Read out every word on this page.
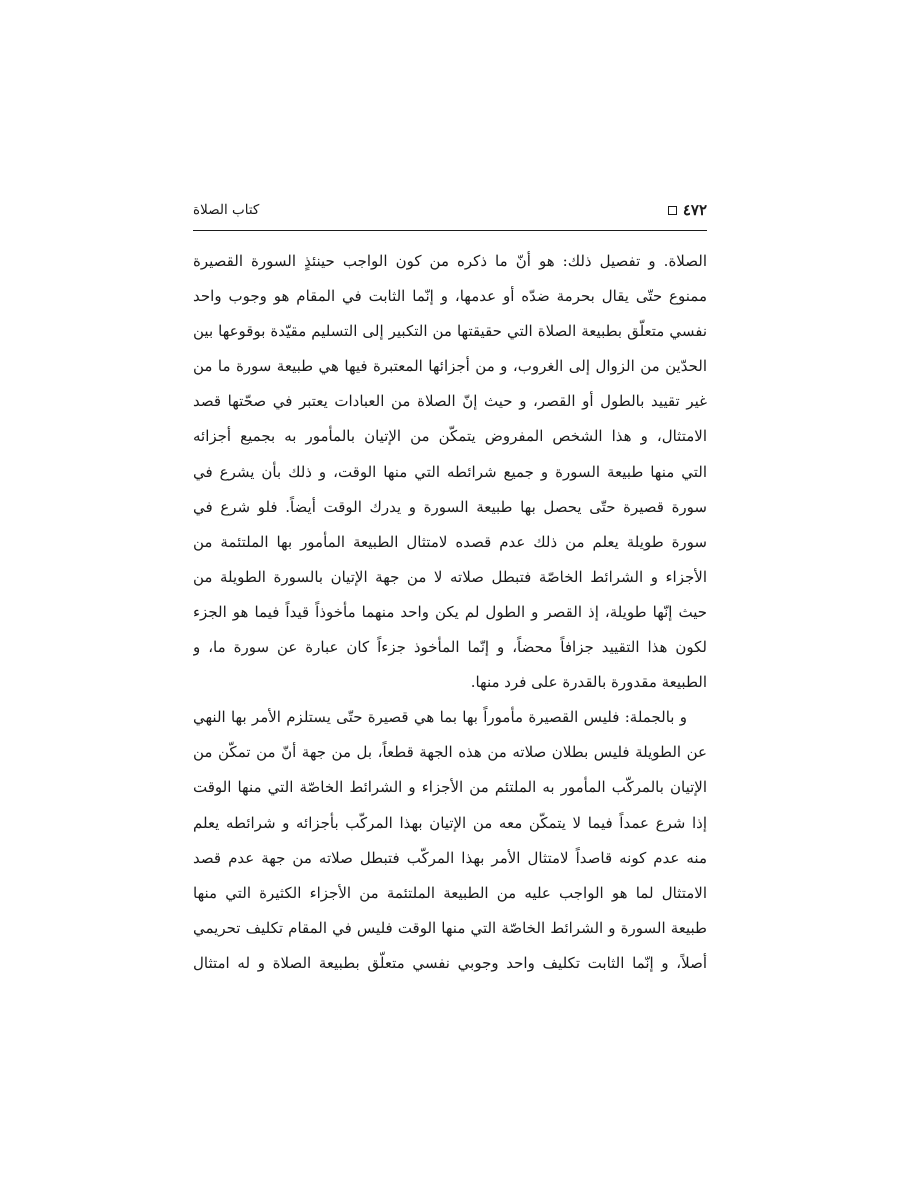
٤٧٢
كتاب الصلاة

الصلاة. و تفصيل ذلك: هو أنّ ما ذكره من كون الواجب حينئذٍ السورة القصيرة

ممنوع حتّى يقال بحرمة ضدّه أو عدمها، و إنّما الثابت في المقام هو وجوب واحد

نفسي متعلّق بطبيعة الصلاة التي حقيقتها من التكبير إلى التسليم مقيّدة بوقوعها بين

الحدّين من الزوال إلى الغروب، و من أجزائها المعتبرة فيها هي طبيعة سورة ما من

غير تقييد بالطول أو القصر، و حيث إنّ الصلاة من العبادات يعتبر في صحّتها قصد

الامتثال، و هذا الشخص المفروض يتمكّن من الإتيان بالمأمور به بجميع أجزائه

التي منها طبيعة السورة و جميع شرائطه التي منها الوقت، و ذلك بأن يشرع في

سورة قصيرة حتّى يحصل بها طبيعة السورة و يدرك الوقت أيضاً. فلو شرع في

سورة طويلة يعلم من ذلك عدم قصده لامتثال الطبيعة المأمور بها الملتئمة من

الأجزاء و الشرائط الخاصّة فتبطل صلاته لا من جهة الإتيان بالسورة الطويلة من

حيث إنّها طويلة، إذ القصر و الطول لم يكن واحد منهما مأخوذاً قيداً فيما هو الجزء

لكون هذا التقييد جزافاً محضاً، و إنّما المأخوذ جزءاً كان عبارة عن سورة ما، و

الطبيعة مقدورة بالقدرة على فرد منها.

و بالجملة: فليس القصيرة مأموراً بها بما هي قصيرة حتّى يستلزم الأمر بها النهي

عن الطويلة فليس بطلان صلاته من هذه الجهة قطعاً، بل من جهة أنّ من تمكّن من

الإتيان بالمركّب المأمور به الملتئم من الأجزاء و الشرائط الخاصّة التي منها الوقت

إذا شرع عمداً فيما لا يتمكّن معه من الإتيان بهذا المركّب بأجزائه و شرائطه يعلم

منه عدم كونه قاصداً لامتثال الأمر بهذا المركّب فتبطل صلاته من جهة عدم قصد

الامتثال لما هو الواجب عليه من الطبيعة الملتئمة من الأجزاء الكثيرة التي منها

طبيعة السورة و الشرائط الخاصّة التي منها الوقت فليس في المقام تكليف تحريمي

أصلاً، و إنّما الثابت تكليف واحد وجوبي نفسي متعلّق بطبيعة الصلاة و له امتثال
